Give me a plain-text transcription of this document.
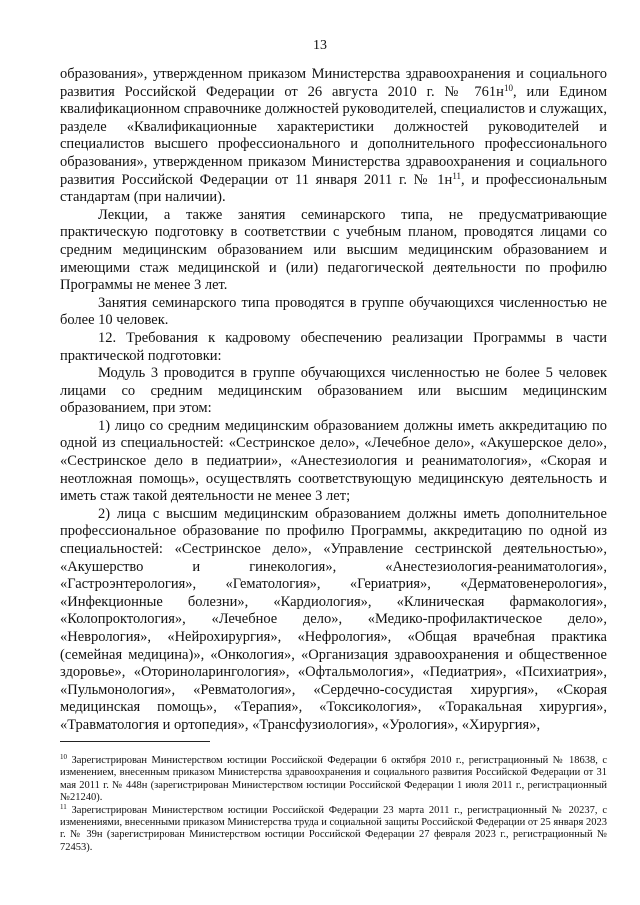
13

образования», утвержденном приказом Министерства здравоохранения и социального развития Российской Федерации от 26 августа 2010 г. № $761н^{10}$, или Едином квалификационном справочнике должностей руководителей, специалистов и служащих, разделе «Квалификационные характеристики должностей руководителей и специалистов высшего профессионального и дополнительного профессионального образования», утвержденном приказом Министерства здравоохранения и социального развития Российской Федерации от 11 января 2011 г. № $1н^{11}$, и профессиональным стандартам (при наличии).

Лекции, а также занятия семинарского типа, не предусматривающие практическую подготовку в соответствии с учебным планом, проводятся лицами со средним медицинским образованием или высшим медицинским образованием и имеющими стаж медицинской и (или) педагогической деятельности по профилю Программы не менее 3 лет.

Занятия семинарского типа проводятся в группе обучающихся численностью не более 10 человек.

12. Требования к кадровому обеспечению реализации Программы в части практической подготовки:

Модуль 3 проводится в группе обучающихся численностью не более 5 человек лицами со средним медицинским образованием или высшим медицинским образованием, при этом:

1) лицо со средним медицинским образованием должны иметь аккредитацию по одной из специальностей: «Сестринское дело», «Лечебное дело», «Акушерское дело», «Сестринское дело в педиатрии», «Анестезиология и реаниматология», «Скорая и неотложная помощь», осуществлять соответствующую медицинскую деятельность и иметь стаж такой деятельности не менее 3 лет;

2) лица с высшим медицинским образованием должны иметь дополнительное профессиональное образование по профилю Программы, аккредитацию по одной из специальностей: «Сестринское дело», «Управление сестринской деятельностью», «Акушерство и гинекология», «Анестезиология-реаниматология», «Гастроэнтерология», «Гематология», «Гериатрия», «Дерматовенерология», «Инфекционные болезни», «Кардиология», «Клиническая фармакология», «Колопроктология», «Лечебное дело», «Медико-профилактическое дело», «Неврология», «Нейрохирургия», «Нефрология», «Общая врачебная практика (семейная медицина)», «Онкология», «Организация здравоохранения и общественное здоровье», «Оториноларингология», «Офтальмология», «Педиатрия», «Психиатрия», «Пульмонология», «Ревматология», «Сердечно-сосудистая хирургия», «Скорая медицинская помощь», «Терапия», «Токсикология», «Торакальная хирургия», «Травматология и ортопедия», «Трансфузиология», «Урология», «Хирургия»,

$^{10}$ Зарегистрирован Министерством юстиции Российской Федерации 6 октября 2010 г., регистрационный № 18638, с изменением, внесенным приказом Министерства здравоохранения и социального развития Российской Федерации от 31 мая 2011 г. № 448н (зарегистрирован Министерством юстиции Российской Федерации 1 июля 2011 г., регистрационный №21240).

$^{11}$ Зарегистрирован Министерством юстиции Российской Федерации 23 марта 2011 г., регистрационный № 20237, с изменениями, внесенными приказом Министерства труда и социальной защиты Российской Федерации от 25 января 2023 г. № 39н (зарегистрирован Министерством юстиции Российской Федерации 27 февраля 2023 г., регистрационный № 72453).
